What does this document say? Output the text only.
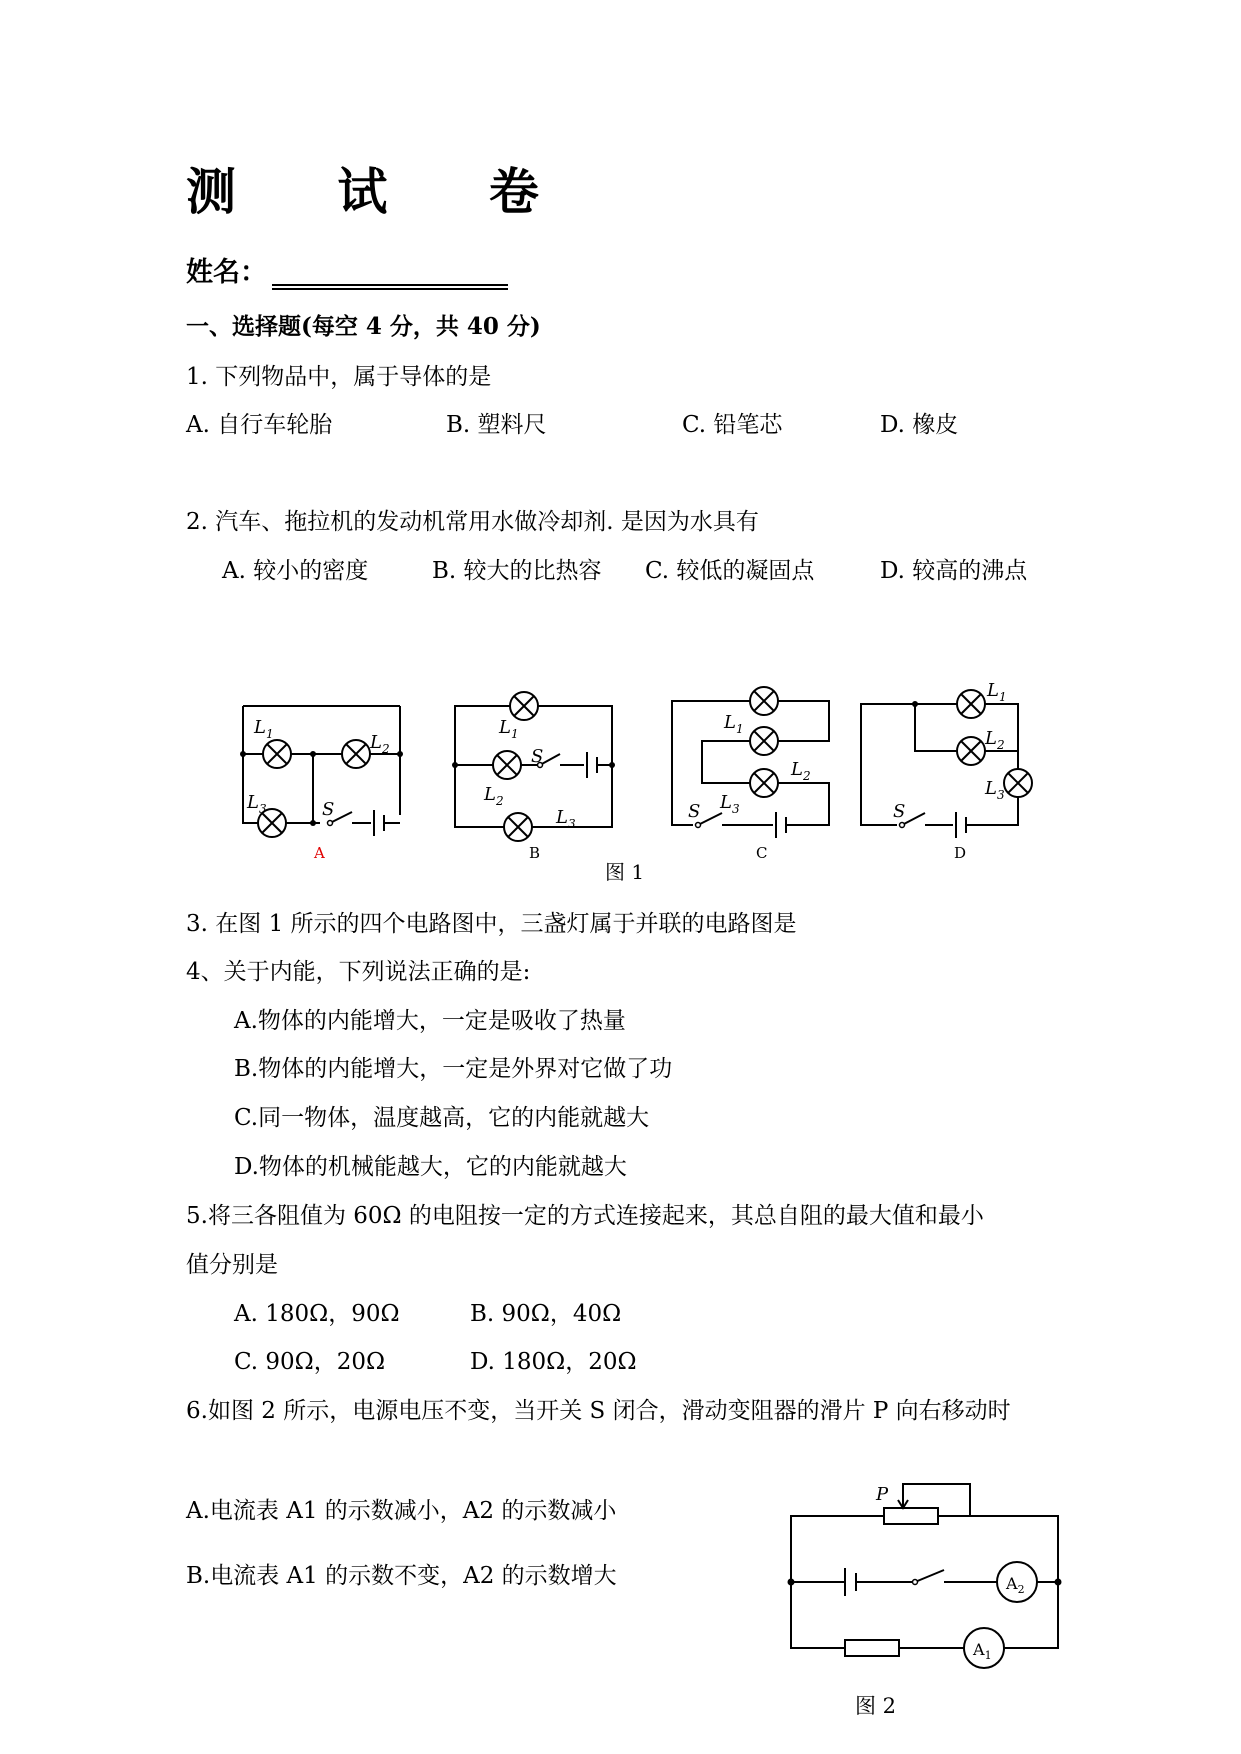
测 试 卷
姓名：
一、选择题(每空 4 分，共 40 分)
1. 下列物品中，属于导体的是
A. 自行车轮胎	B. 塑料尺	C. 铅笔芯	D. 橡皮
2. 汽车、拖拉机的发动机常用水做冷却剂. 是因为水具有
A. 较小的密度	B. 较大的比热容 C. 较低的凝固点	D. 较高的沸点
$L_1$	$L_2$
$L_3$	S
A
$L_1$
S
$L_2$
$L_3$
B
$L_1$
$L_2$
S $L_3$
C
$L_1$
$L_2$
$L_3$
S
D
图 1
3. 在图 1 所示的四个电路图中，三盏灯属于并联的电路图是
4、关于内能，下列说法正确的是:
A.物体的内能增大，一定是吸收了热量
B.物体的内能增大，一定是外界对它做了功
C.同一物体，温度越高，它的内能就越大
D.物体的机械能越大，它的内能就越大
5.将三各阻值为 60Ω 的电阻按一定的方式连接起来，其总自阻的最大值和最小
值分别是
A. 180Ω，90Ω	B. 90Ω，40Ω
C. 90Ω，20Ω	D. 180Ω，20Ω
6.如图 2 所示，电源电压不变，当开关 S 闭合，滑动变阻器的滑片 P 向右移动时
A.电流表 A1 的示数减小，A2 的示数减小
B.电流表 A1 的示数不变，A2 的示数增大
P
$A_2$
$A_1$
图 2
